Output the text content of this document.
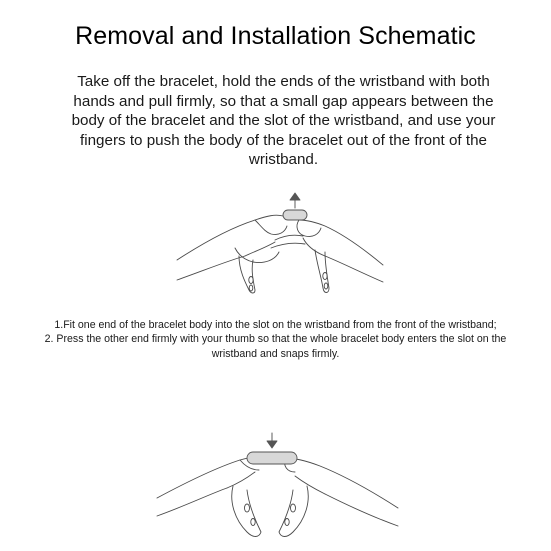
Removal and Installation Schematic
Take off the bracelet, hold the ends of the wristband with both hands and pull firmly, so that a small gap appears between the body of the bracelet and the slot of the wristband, and use your fingers to push the body of the bracelet out of the front of the wristband.
1.Fit one end of the bracelet body into the slot on the wristband from the front of the wristband;
2. Press the other end firmly with your thumb so that the whole bracelet body enters the slot on the wristband and snaps firmly.
